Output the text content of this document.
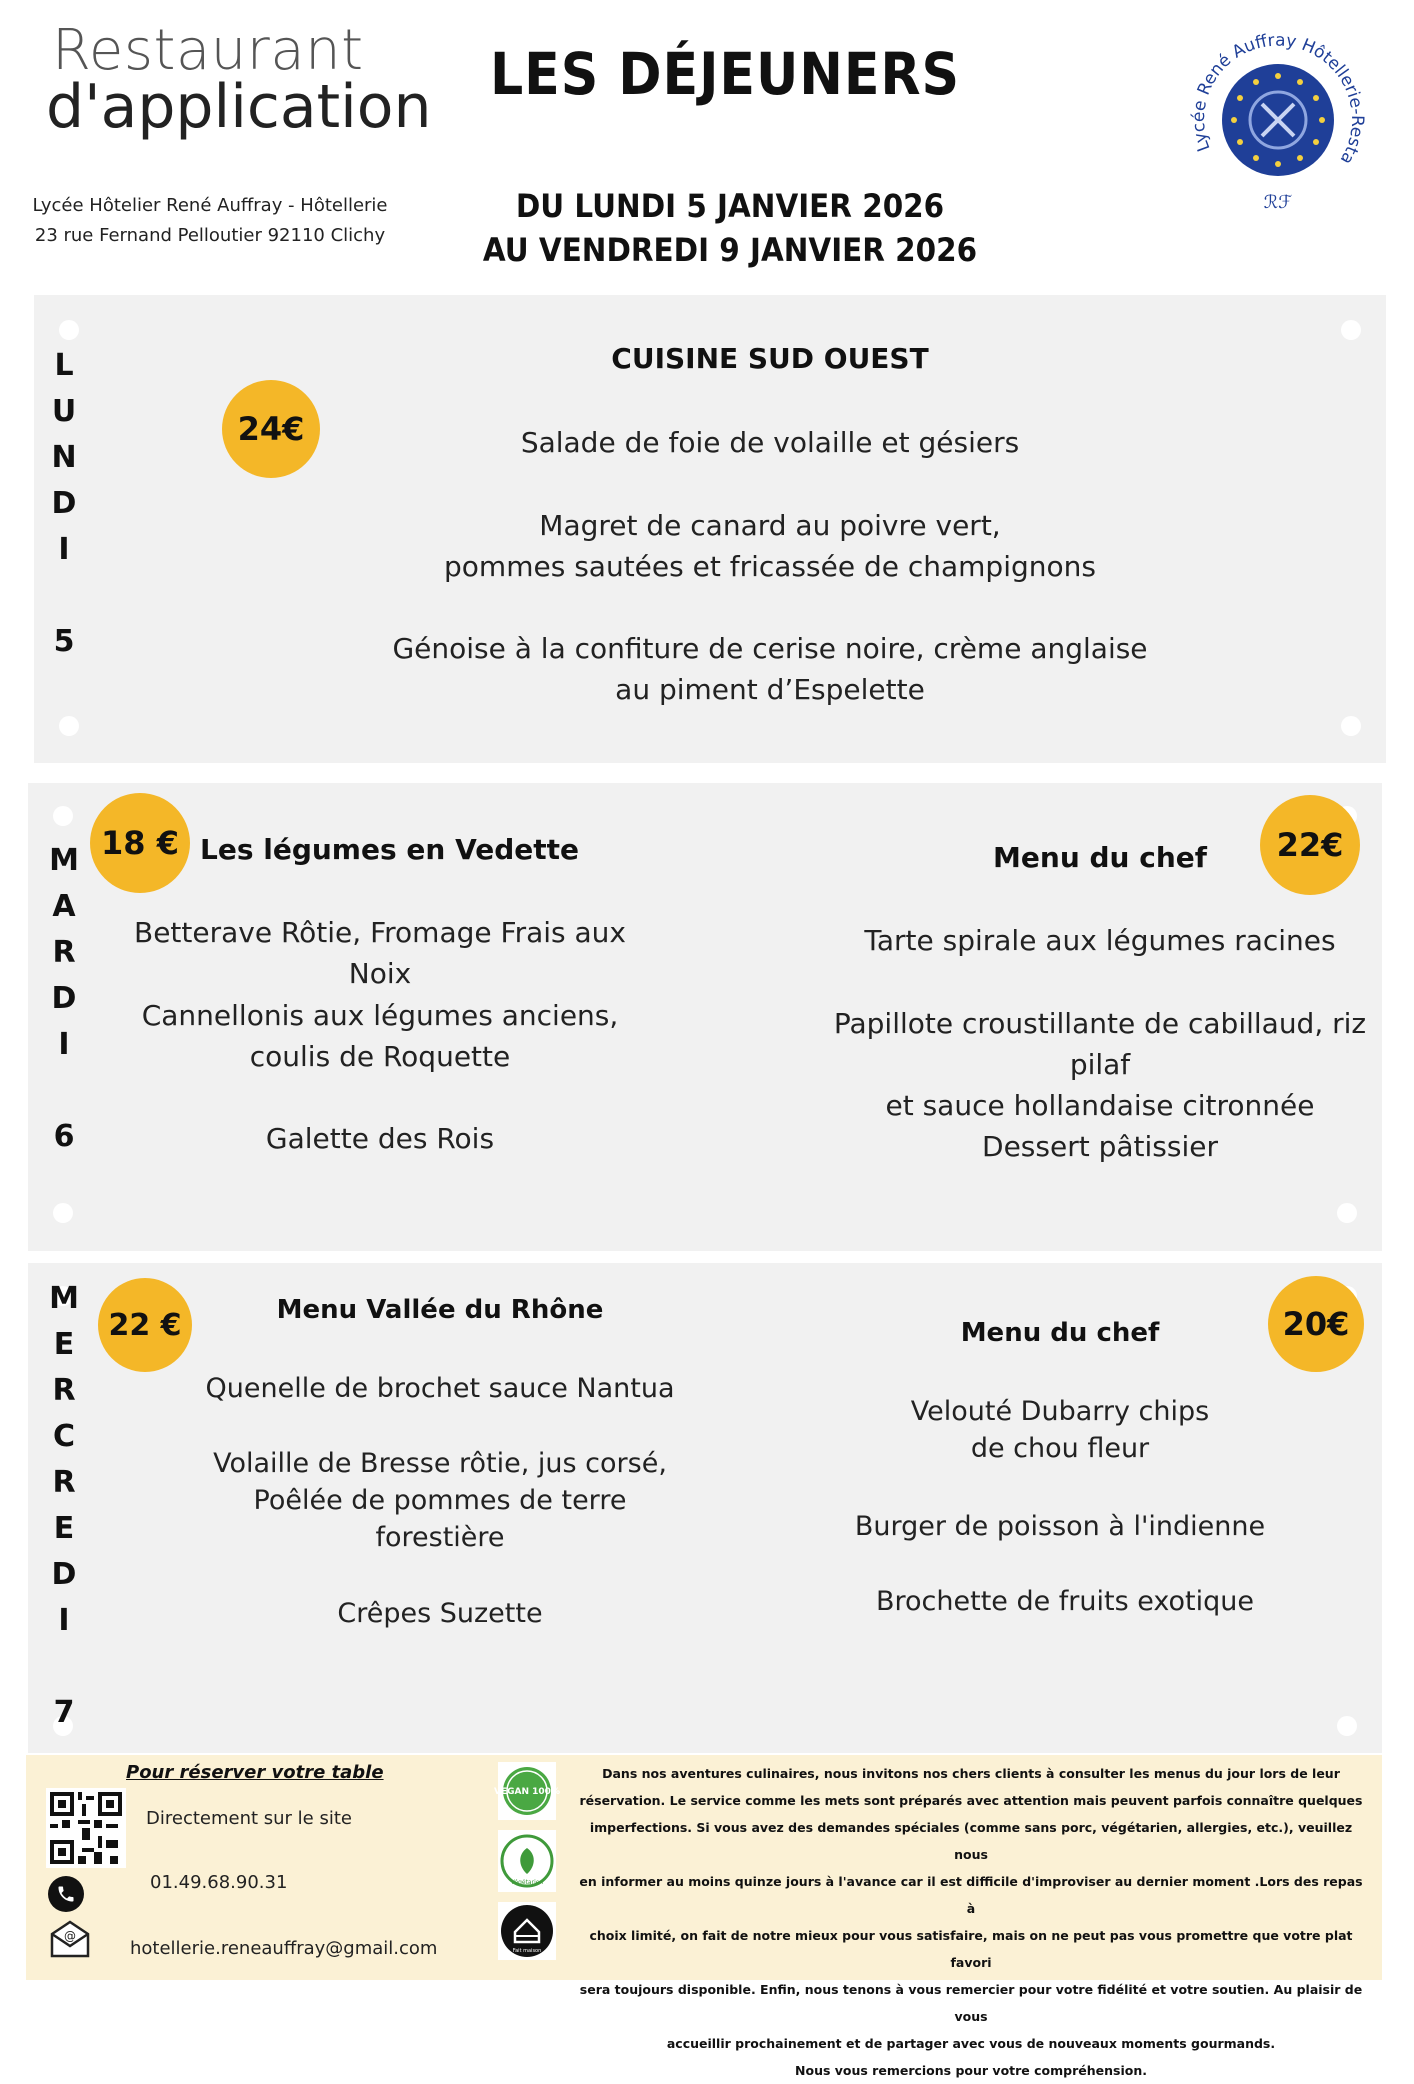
Restaurant
d'application
Lycée Hôtelier René Auffray - Hôtellerie
23 rue Fernand Pelloutier 92110 Clichy
LES DÉJEUNERS
DU LUNDI 5 JANVIER 2026
AU VENDREDI 9 JANVIER 2026
Lycée René Auffray Hôtellerie-Resta
ℛℱ
L
U
N
D
I
5
24€
CUISINE SUD OUEST
Salade de foie de volaille et gésiers
Magret de canard au poivre vert,
pommes sautées et fricassée de champignons
Génoise à la confiture de cerise noire, crème anglaise
au piment d’Espelette
M
A
R
D
I
6
18 € Les légumes en Vedette
Betterave Rôtie, Fromage Frais aux Noix
Cannellonis aux légumes anciens,
coulis de Roquette
Galette des Rois
22€
Menu du chef
Tarte spirale aux légumes racines
Papillote croustillante de cabillaud, riz pilaf
et sauce hollandaise citronnée
Dessert pâtissier
M
E
R
C
R
E
D
I
7
22 €	Menu Vallée du Rhône
Quenelle de brochet sauce Nantua
Volaille de Bresse rôtie, jus corsé,
Poêlée de pommes de terre
forestière
Crêpes Suzette
20€
Menu du chef
Velouté Dubarry chips
de chou fleur
Burger de poisson à l'indienne
Brochette de fruits exotique
Pour réserver votre table
Directement sur le site
01.49.68.90.31
@
hotellerie.reneauffray@gmail.com
VEGAN 100%
Végétarien
Fait maison
Dans nos aventures culinaires, nous invitons nos chers clients à consulter les menus du jour lors de leur
réservation. Le service comme les mets sont préparés avec attention mais peuvent parfois connaître quelques
imperfections. Si vous avez des demandes spéciales (comme sans porc, végétarien, allergies, etc.), veuillez nous
en informer au moins quinze jours à l'avance car il est difficile d'improviser au dernier moment .Lors des repas à
choix limité, on fait de notre mieux pour vous satisfaire, mais on ne peut pas vous promettre que votre plat favori
sera toujours disponible. Enfin, nous tenons à vous remercier pour votre fidélité et votre soutien. Au plaisir de vous
accueillir prochainement et de partager avec vous de nouveaux moments gourmands.
Nous vous remercions pour votre compréhension.
